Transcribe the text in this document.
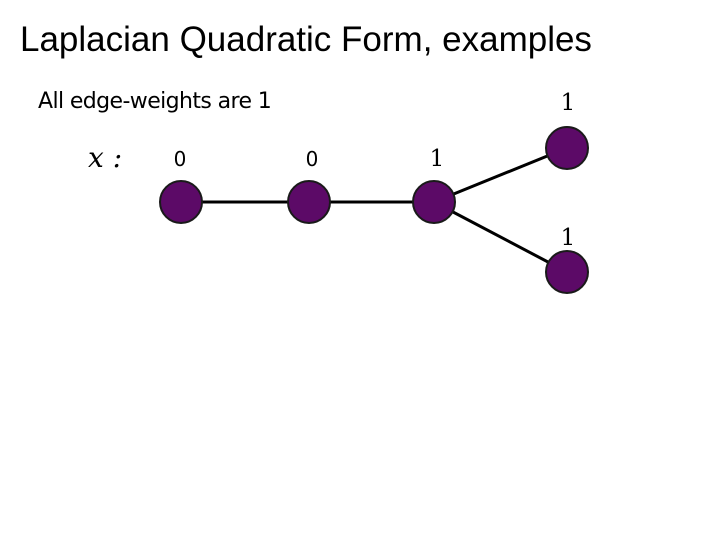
Laplacian Quadratic Form, examples
All edge-weights are 1
x :	0	0	1
1
1
